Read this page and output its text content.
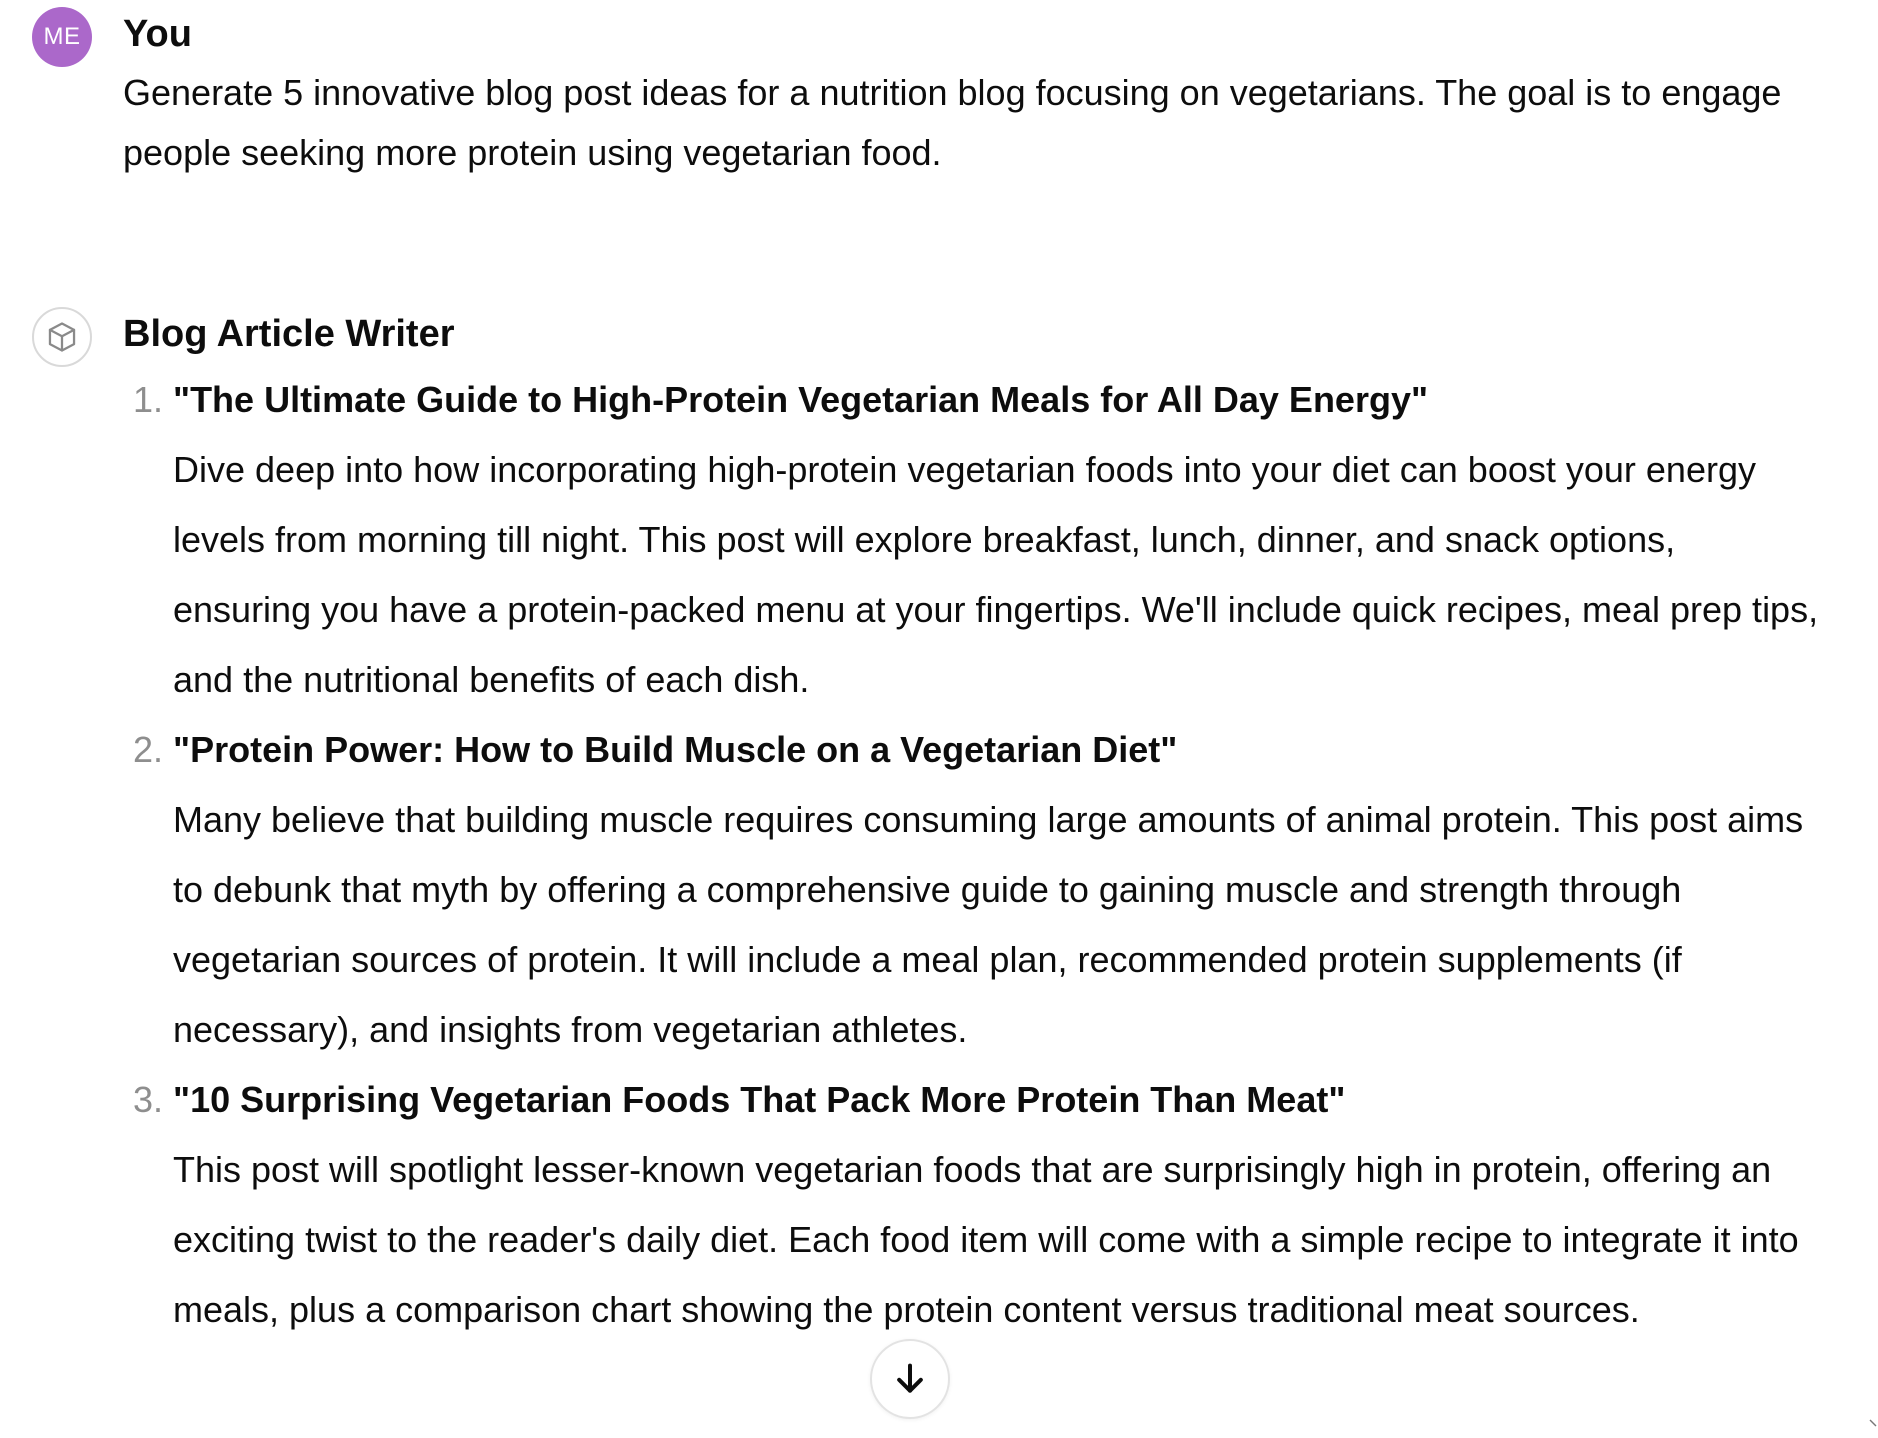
ME You
Generate 5 innovative blog post ideas for a nutrition blog focusing on vegetarians. The goal is to engage people seeking more protein using vegetarian food.
Blog Article Writer
1. "The Ultimate Guide to High-Protein Vegetarian Meals for All Day Energy"

Dive deep into how incorporating high-protein vegetarian foods into your diet can boost your energy levels from morning till night. This post will explore breakfast, lunch, dinner, and snack options, ensuring you have a protein-packed menu at your fingertips. We'll include quick recipes, meal prep tips, and the nutritional benefits of each dish.

2. "Protein Power: How to Build Muscle on a Vegetarian Diet"

Many believe that building muscle requires consuming large amounts of animal protein. This post aims to debunk that myth by offering a comprehensive guide to gaining muscle and strength through vegetarian sources of protein. It will include a meal plan, recommended protein supplements (if necessary), and insights from vegetarian athletes.

3. "10 Surprising Vegetarian Foods That Pack More Protein Than Meat"

This post will spotlight lesser-known vegetarian foods that are surprisingly high in protein, offering an exciting twist to the reader's daily diet. Each food item will come with a simple recipe to integrate it into meals, plus a comparison chart showing the protein content versus traditional meat sources.
